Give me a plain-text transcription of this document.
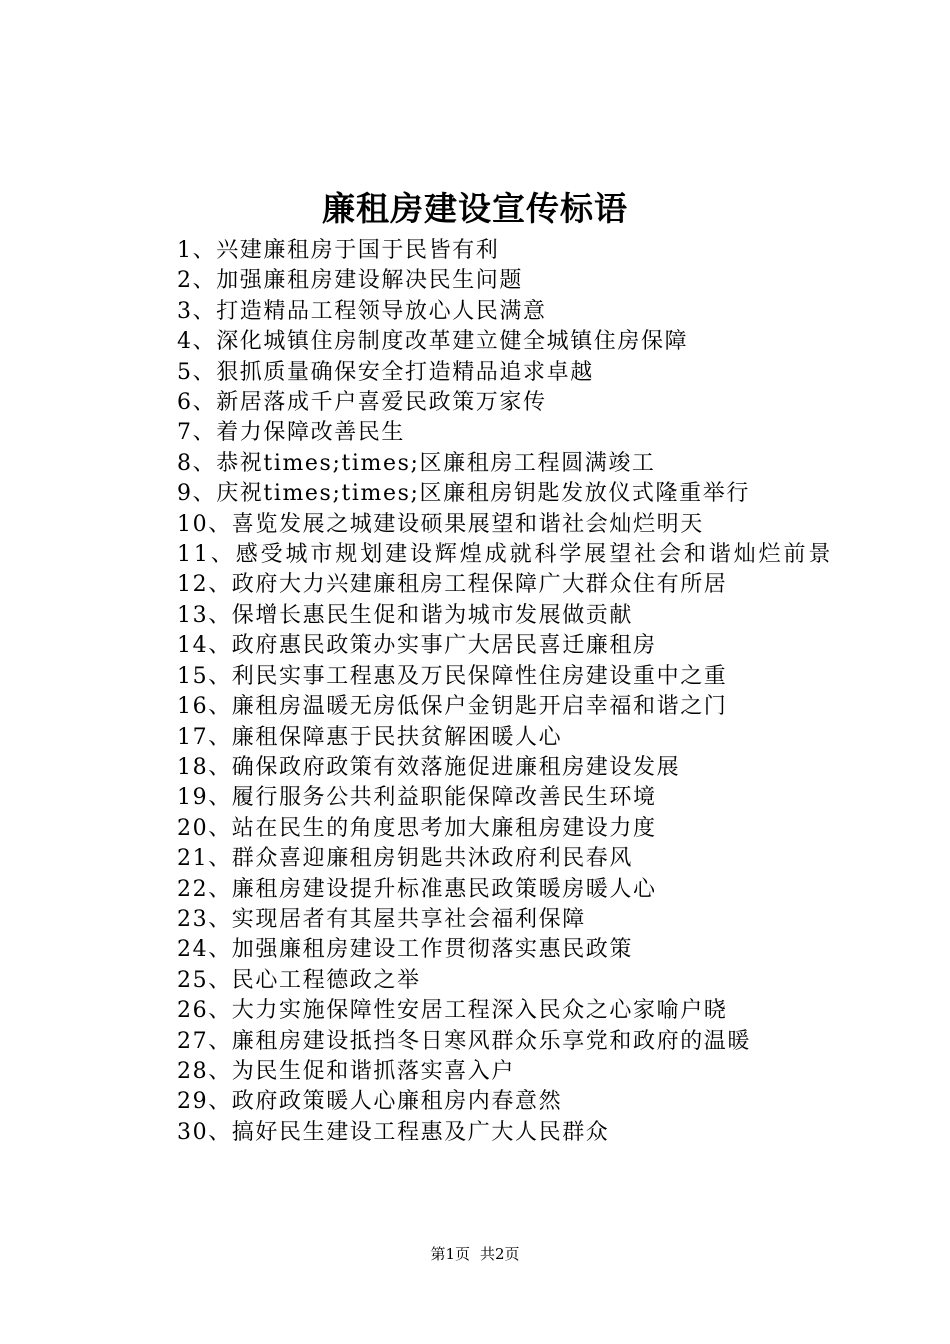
廉租房建设宣传标语
1、兴建廉租房于国于民皆有利
2、加强廉租房建设解决民生问题
3、打造精品工程领导放心人民满意
4、深化城镇住房制度改革建立健全城镇住房保障
5、狠抓质量确保安全打造精品追求卓越
6、新居落成千户喜爱民政策万家传
7、着力保障改善民生
8、恭祝times;times;区廉租房工程圆满竣工
9、庆祝times;times;区廉租房钥匙发放仪式隆重举行
10、喜览发展之城建设硕果展望和谐社会灿烂明天
11、感受城市规划建设辉煌成就科学展望社会和谐灿烂前景
12、政府大力兴建廉租房工程保障广大群众住有所居
13、保增长惠民生促和谐为城市发展做贡献
14、政府惠民政策办实事广大居民喜迁廉租房
15、利民实事工程惠及万民保障性住房建设重中之重
16、廉租房温暖无房低保户金钥匙开启幸福和谐之门
17、廉租保障惠于民扶贫解困暖人心
18、确保政府政策有效落施促进廉租房建设发展
19、履行服务公共利益职能保障改善民生环境
20、站在民生的角度思考加大廉租房建设力度
21、群众喜迎廉租房钥匙共沐政府利民春风
22、廉租房建设提升标准惠民政策暖房暖人心
23、实现居者有其屋共享社会福利保障
24、加强廉租房建设工作贯彻落实惠民政策
25、民心工程德政之举
26、大力实施保障性安居工程深入民众之心家喻户晓
27、廉租房建设抵挡冬日寒风群众乐享党和政府的温暖
28、为民生促和谐抓落实喜入户
29、政府政策暖人心廉租房内春意然
30、搞好民生建设工程惠及广大人民群众
第1页 共2页
